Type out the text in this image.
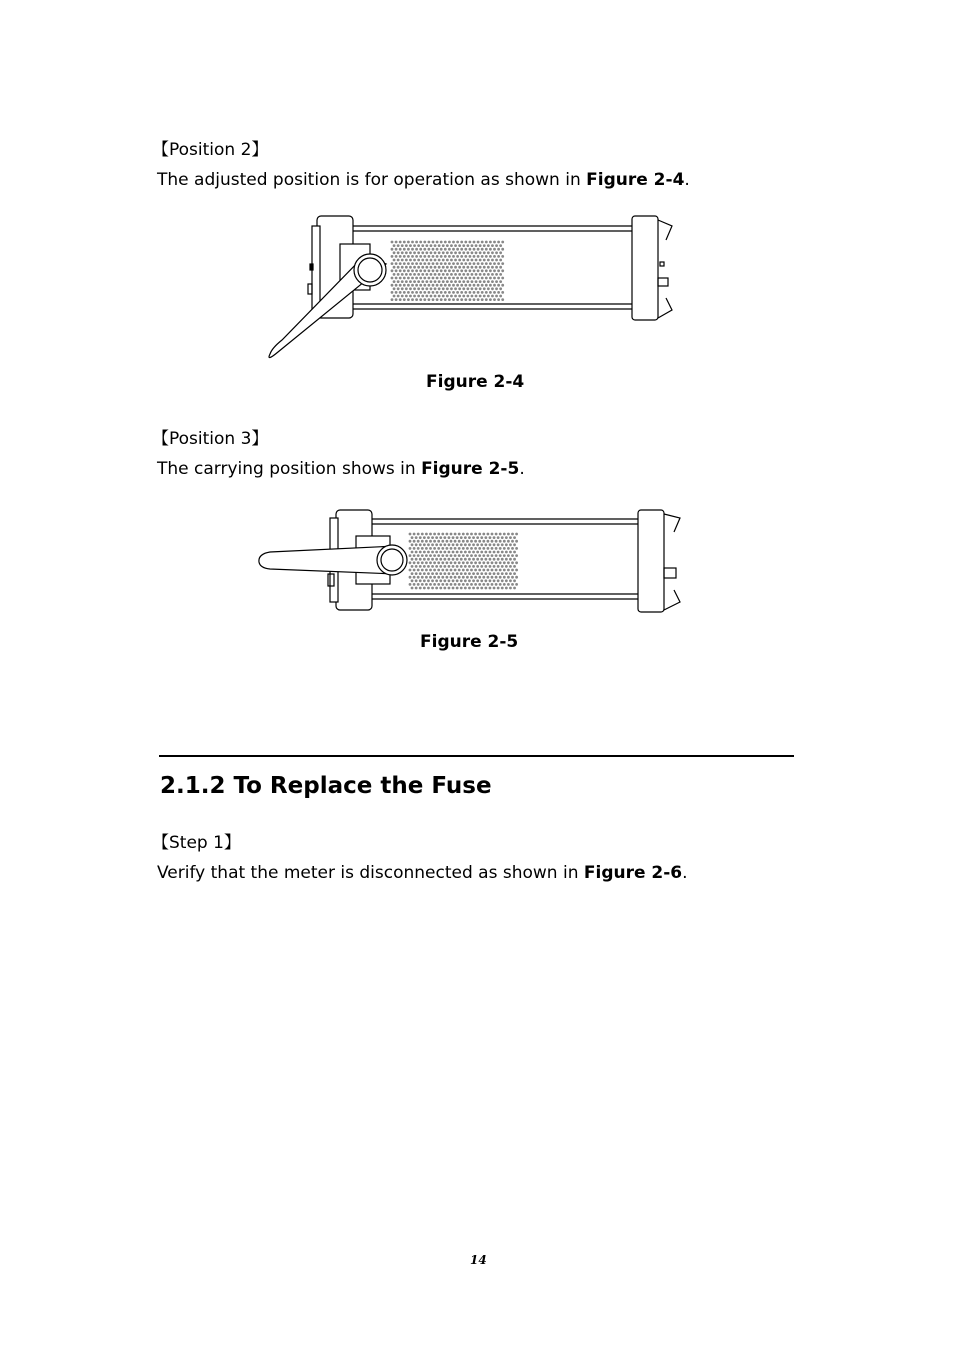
【Position 2】
The adjusted position is for operation as shown in Figure 2-4.
Figure 2-4
【Position 3】
The carrying position shows in Figure 2-5.
Figure 2-5
2.1.2 To Replace the Fuse
【Step 1】
Verify that the meter is disconnected as shown in Figure 2-6.
14
